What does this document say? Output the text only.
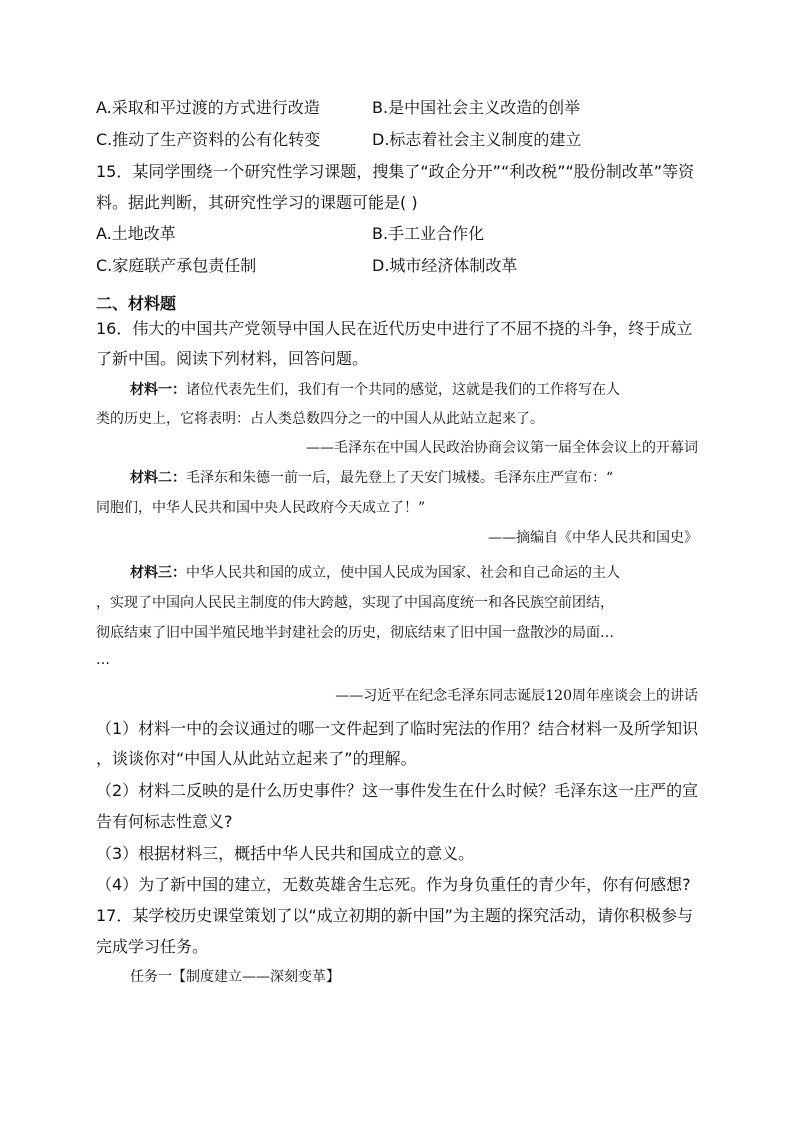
A.采取和平过渡的方式进行改造	B.是中国社会主义改造的创举
C.推动了生产资料的公有化转变	D.标志着社会主义制度的建立
15．某同学围绕一个研究性学习课题，搜集了“政企分开”“利改税”“股份制改革”等资
料。据此判断，其研究性学习的课题可能是( )
A.土地改革	B.手工业合作化
C.家庭联产承包责任制	D.城市经济体制改革
二、材料题
16．伟大的中国共产党领导中国人民在近代历史中进行了不屈不挠的斗争，终于成立
了新中国。阅读下列材料，回答问题。
材料一：诸位代表先生们，我们有一个共同的感觉，这就是我们的工作将写在人
类的历史上，它将表明：占人类总数四分之一的中国人从此站立起来了。
——毛泽东在中国人民政治协商会议第一届全体会议上的开幕词
材料二：毛泽东和朱德一前一后，最先登上了天安门城楼。毛泽东庄严宣布：“
同胞们，中华人民共和国中央人民政府今天成立了！”
——摘编自《中华人民共和国史》
材料三：中华人民共和国的成立，使中国人民成为国家、社会和自己命运的主人
，实现了中国向人民民主制度的伟大跨越，实现了中国高度统一和各民族空前团结，
彻底结束了旧中国半殖民地半封建社会的历史，彻底结束了旧中国一盘散沙的局面…
…
——习近平在纪念毛泽东同志诞辰120周年座谈会上的讲话
（1）材料一中的会议通过的哪一文件起到了临时宪法的作用？结合材料一及所学知识
，谈谈你对“中国人从此站立起来了”的理解。
（2）材料二反映的是什么历史事件？这一事件发生在什么时候？毛泽东这一庄严的宣
告有何标志性意义?
（3）根据材料三，概括中华人民共和国成立的意义。
（4）为了新中国的建立，无数英雄舍生忘死。作为身负重任的青少年，你有何感想?
17．某学校历史课堂策划了以“成立初期的新中国”为主题的探究活动，请你积极参与
完成学习任务。
任务一【制度建立——深刻变革】
